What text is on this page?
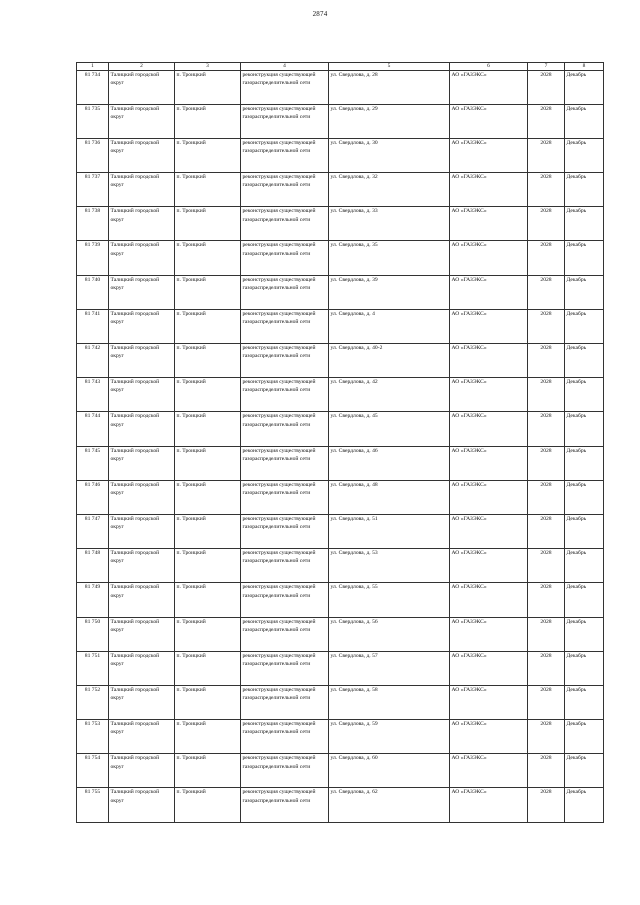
2874
1	2	3	4	5	6	7	8
81 734	Талицкий городской округ	п. Троицкий	реконструкция существующей газораспределительной сети	ул. Свердлова, д. 28	АО «ГАЗЭКС»	2028	Декабрь
81 735	Талицкий городской округ	п. Троицкий	реконструкция существующей газораспределительной сети	ул. Свердлова, д. 29	АО «ГАЗЭКС»	2028	Декабрь
81 736	Талицкий городской округ	п. Троицкий	реконструкция существующей газораспределительной сети	ул. Свердлова, д. 30	АО «ГАЗЭКС»	2028	Декабрь
81 737	Талицкий городской округ	п. Троицкий	реконструкция существующей газораспределительной сети	ул. Свердлова, д. 32	АО «ГАЗЭКС»	2028	Декабрь
81 738	Талицкий городской округ	п. Троицкий	реконструкция существующей газораспределительной сети	ул. Свердлова, д. 33	АО «ГАЗЭКС»	2028	Декабрь
81 739	Талицкий городской округ	п. Троицкий	реконструкция существующей газораспределительной сети	ул. Свердлова, д. 35	АО «ГАЗЭКС»	2028	Декабрь
81 740	Талицкий городской округ	п. Троицкий	реконструкция существующей газораспределительной сети	ул. Свердлова, д. 39	АО «ГАЗЭКС»	2028	Декабрь
81 741	Талицкий городской округ	п. Троицкий	реконструкция существующей газораспределительной сети	ул. Свердлова, д. 4	АО «ГАЗЭКС»	2028	Декабрь
81 742	Талицкий городской округ	п. Троицкий	реконструкция существующей газораспределительной сети	ул. Свердлова, д. 40-2	АО «ГАЗЭКС»	2028	Декабрь
81 743	Талицкий городской округ	п. Троицкий	реконструкция существующей газораспределительной сети	ул. Свердлова, д. 42	АО «ГАЗЭКС»	2028	Декабрь
81 744	Талицкий городской округ	п. Троицкий	реконструкция существующей газораспределительной сети	ул. Свердлова, д. 45	АО «ГАЗЭКС»	2028	Декабрь
81 745	Талицкий городской округ	п. Троицкий	реконструкция существующей газораспределительной сети	ул. Свердлова, д. 46	АО «ГАЗЭКС»	2028	Декабрь
81 746	Талицкий городской округ	п. Троицкий	реконструкция существующей газораспределительной сети	ул. Свердлова, д. 48	АО «ГАЗЭКС»	2028	Декабрь
81 747	Талицкий городской округ	п. Троицкий	реконструкция существующей газораспределительной сети	ул. Свердлова, д. 51	АО «ГАЗЭКС»	2028	Декабрь
81 748	Талицкий городской округ	п. Троицкий	реконструкция существующей газораспределительной сети	ул. Свердлова, д. 53	АО «ГАЗЭКС»	2028	Декабрь
81 749	Талицкий городской округ	п. Троицкий	реконструкция существующей газораспределительной сети	ул. Свердлова, д. 55	АО «ГАЗЭКС»	2028	Декабрь
81 750	Талицкий городской округ	п. Троицкий	реконструкция существующей газораспределительной сети	ул. Свердлова, д. 56	АО «ГАЗЭКС»	2028	Декабрь
81 751	Талицкий городской округ	п. Троицкий	реконструкция существующей газораспределительной сети	ул. Свердлова, д. 57	АО «ГАЗЭКС»	2028	Декабрь
81 752	Талицкий городской округ	п. Троицкий	реконструкция существующей газораспределительной сети	ул. Свердлова, д. 58	АО «ГАЗЭКС»	2028	Декабрь
81 753	Талицкий городской округ	п. Троицкий	реконструкция существующей газораспределительной сети	ул. Свердлова, д. 59	АО «ГАЗЭКС»	2028	Декабрь
81 754	Талицкий городской округ	п. Троицкий	реконструкция существующей газораспределительной сети	ул. Свердлова, д. 60	АО «ГАЗЭКС»	2028	Декабрь
81 755	Талицкий городской округ	п. Троицкий	реконструкция существующей газораспределительной сети	ул. Свердлова, д. 62	АО «ГАЗЭКС»	2028	Декабрь
